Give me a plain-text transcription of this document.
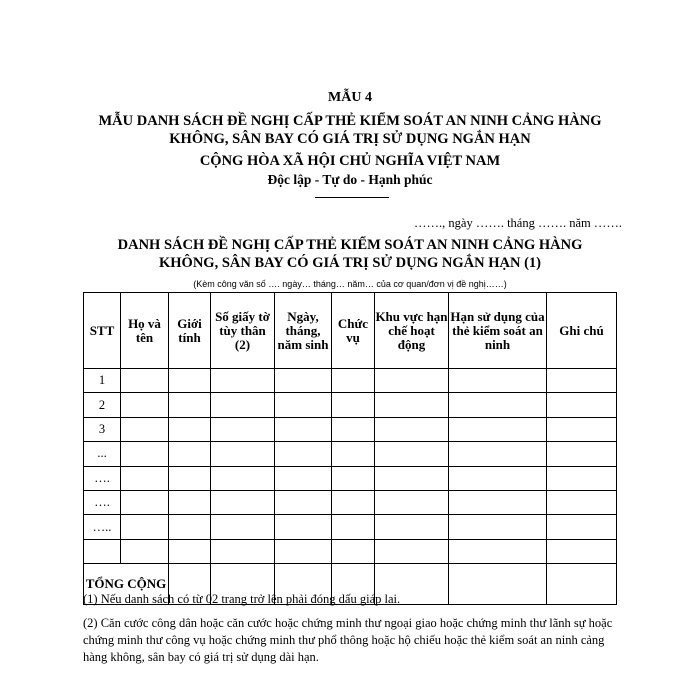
MẪU 4
MẪU DANH SÁCH ĐỀ NGHỊ CẤP THẺ KIỂM SOÁT AN NINH CẢNG HÀNG
KHÔNG, SÂN BAY CÓ GIÁ TRỊ SỬ DỤNG NGẮN HẠN
CỘNG HÒA XÃ HỘI CHỦ NGHĨA VIỆT NAM
Độc lập - Tự do - Hạnh phúc
……., ngày ……. tháng ……. năm …….
DANH SÁCH ĐỀ NGHỊ CẤP THẺ KIỂM SOÁT AN NINH CẢNG HÀNG
KHÔNG, SÂN BAY CÓ GIÁ TRỊ SỬ DỤNG NGẮN HẠN (1)
(Kèm công văn số …. ngày… tháng… năm… của cơ quan/đơn vị đề nghị……)
STT	Họ và tên	Giới tính	Số giấy tờ tùy thân (2)	Ngày, tháng, năm sinh	Chức vụ	Khu vực hạn chế hoạt động	Hạn sử dụng của thẻ kiểm soát an ninh	Ghi chú
1								
2								
3								
...								
….								
….								
…..								

TỔNG CỘNG								
(1) Nếu danh sách có từ 02 trang trở lên phải đóng dấu giáp lai.
(2) Căn cước công dân hoặc căn cước hoặc chứng minh thư ngoại giao hoặc chứng minh thư lãnh sự hoặc chứng minh thư công vụ hoặc chứng minh thư phổ thông hoặc hộ chiếu hoặc thẻ kiểm soát an ninh cảng hàng không, sân bay có giá trị sử dụng dài hạn.
